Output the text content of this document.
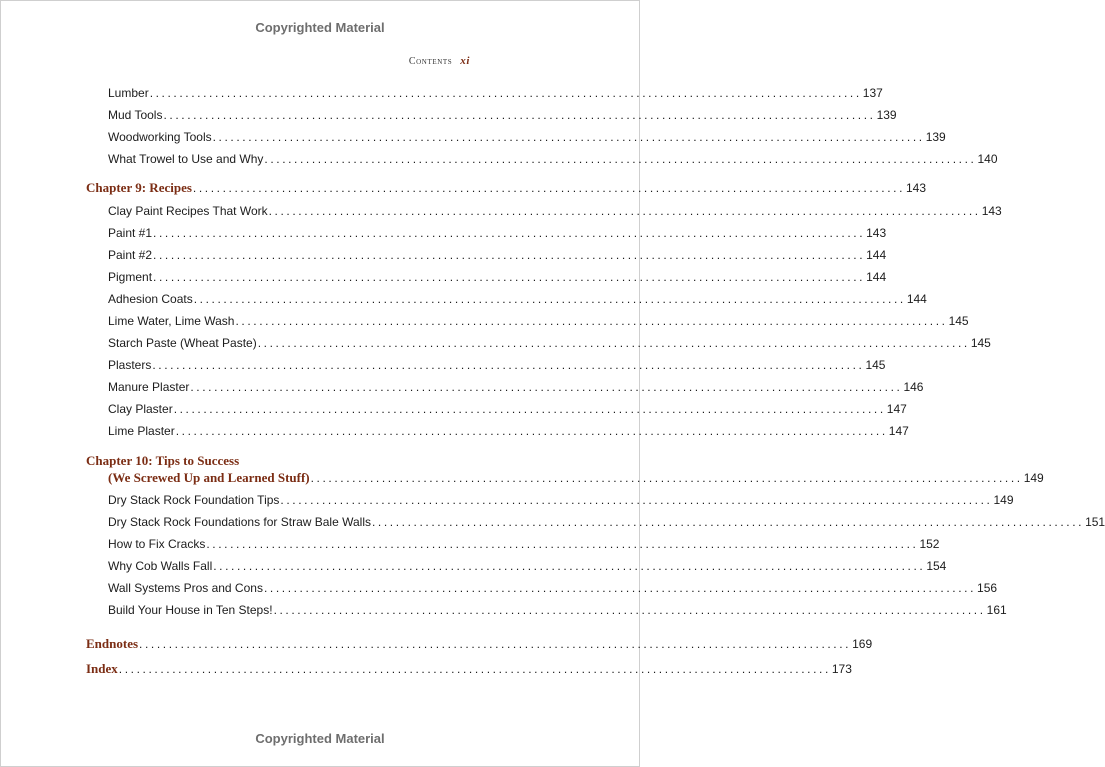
Copyrighted Material
Contents xi
Lumber ........................................................................................................................ 137
Mud Tools ........................................................................................................................ 139
Woodworking Tools ........................................................................................................................ 139
What Trowel to Use and Why ........................................................................................................................ 140
Chapter 9: Recipes ........................................................................................................................ 143
Clay Paint Recipes That Work ........................................................................................................................ 143
Paint #1 ........................................................................................................................ 143
Paint #2 ........................................................................................................................ 144
Pigment ........................................................................................................................ 144
Adhesion Coats ........................................................................................................................ 144
Lime Water, Lime Wash ........................................................................................................................ 145
Starch Paste (Wheat Paste) ........................................................................................................................ 145
Plasters ........................................................................................................................ 145
Manure Plaster ........................................................................................................................ 146
Clay Plaster ........................................................................................................................ 147
Lime Plaster ........................................................................................................................ 147
Chapter 10: Tips to Success
(We Screwed Up and Learned Stuff) ........................................................................................................................ 149
Dry Stack Rock Foundation Tips ........................................................................................................................ 149
Dry Stack Rock Foundations for Straw Bale Walls ........................................................................................................................ 151
How to Fix Cracks ........................................................................................................................ 152
Why Cob Walls Fall ........................................................................................................................ 154
Wall Systems Pros and Cons ........................................................................................................................ 156
Build Your House in Ten Steps! ........................................................................................................................ 161
Endnotes ........................................................................................................................ 169
Index ........................................................................................................................ 173
Copyrighted Material
